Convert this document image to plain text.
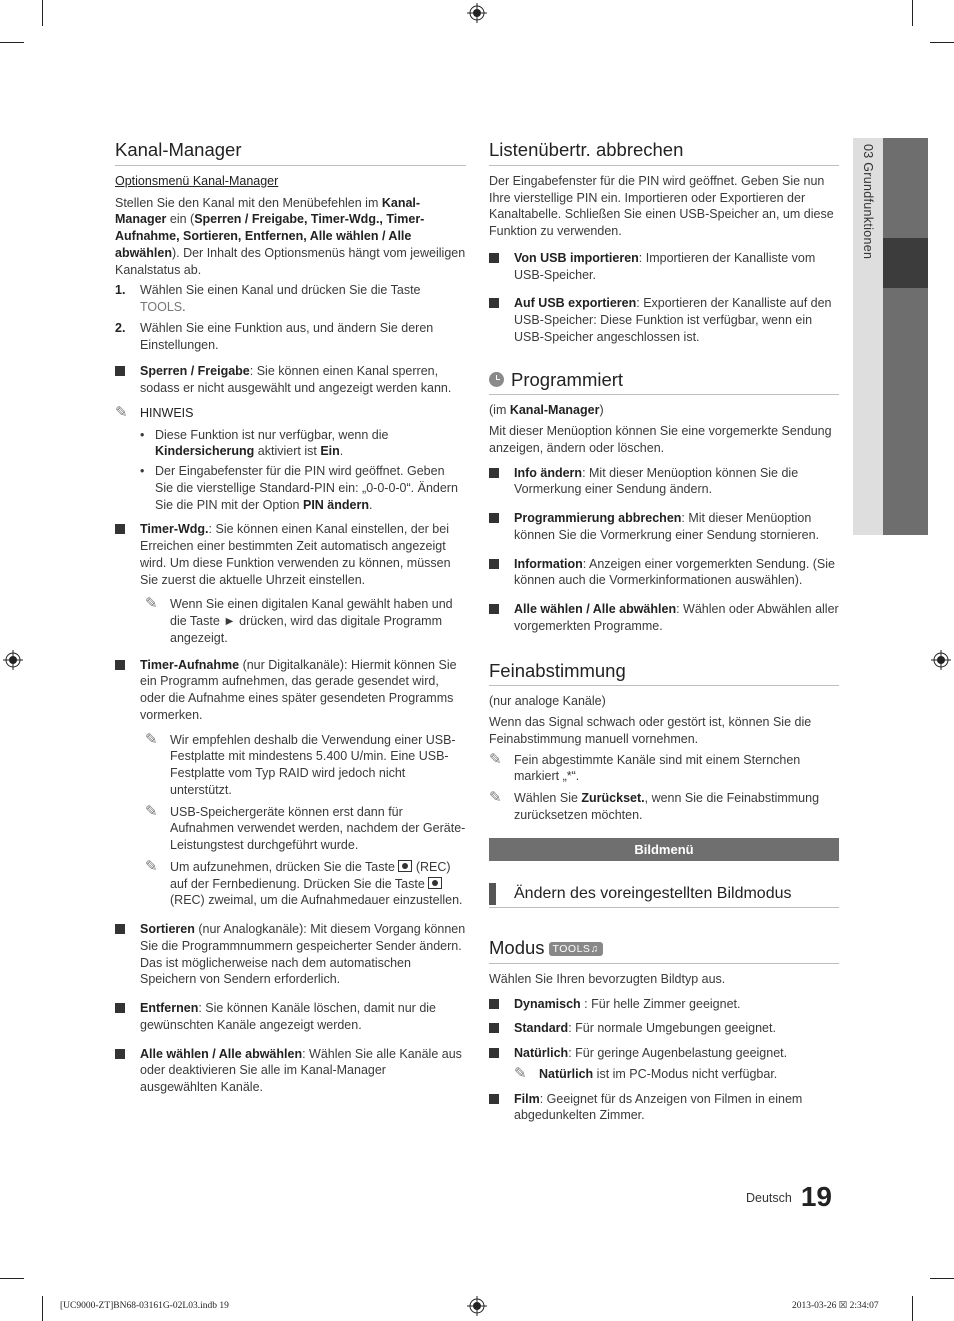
03 Grundfunktionen
Kanal-Manager

Optionsmenü Kanal-Manager

Stellen Sie den Kanal mit den Menübefehlen im Kanal-Manager ein (Sperren / Freigabe, Timer-Wdg., Timer-Aufnahme, Sortieren, Entfernen, Alle wählen / Alle abwählen). Der Inhalt des Optionsmenüs hängt vom jeweiligen Kanalstatus ab.

1.	Wählen Sie einen Kanal und drücken Sie die Taste TOOLS.
2.	Wählen Sie eine Funktion aus, und ändern Sie deren Einstellungen.
Sperren / Freigabe: Sie können einen Kanal sperren, sodass er nicht ausgewählt und angezeigt werden kann.
✎ HINWEIS
• Diese Funktion ist nur verfügbar, wenn die Kindersicherung aktiviert ist Ein.
• Der Eingabefenster für die PIN wird geöffnet. Geben Sie die vierstellige Standard-PIN ein: „0-0-0-0“. Ändern Sie die PIN mit der Option PIN ändern.
Timer-Wdg.: Sie können einen Kanal einstellen, der bei Erreichen einer bestimmten Zeit automatisch angezeigt wird. Um diese Funktion verwenden zu können, müssen Sie zuerst die aktuelle Uhrzeit einstellen.
✎ Wenn Sie einen digitalen Kanal gewählt haben und die Taste ► drücken, wird das digitale Programm angezeigt.
Timer-Aufnahme (nur Digitalkanäle): Hiermit können Sie ein Programm aufnehmen, das gerade gesendet wird, oder die Aufnahme eines später gesendeten Programms vormerken.
✎ Wir empfehlen deshalb die Verwendung einer USB-Festplatte mit mindestens 5.400 U/min. Eine USB-Festplatte vom Typ RAID wird jedoch nicht unterstützt.
✎ USB-Speichergeräte können erst dann für Aufnahmen verwendet werden, nachdem der Geräte-Leistungstest durchgeführt wurde.
✎ Um aufzunehmen, drücken Sie die Taste
(REC) auf der Fernbedienung. Drücken Sie die Taste
(REC) zweimal, um die Aufnahmedauer einzustellen.
Sortieren (nur Analogkanäle): Mit diesem Vorgang können Sie die Programmnummern gespeicherter Sender ändern. Das ist möglicherweise nach dem automatischen Speichern von Sendern erforderlich.
Entfernen: Sie können Kanäle löschen, damit nur die gewünschten Kanäle angezeigt werden.
Alle wählen / Alle abwählen: Wählen Sie alle Kanäle aus oder deaktivieren Sie alle im Kanal-Manager ausgewählten Kanäle.
Listenübertr. abbrechen

Der Eingabefenster für die PIN wird geöffnet. Geben Sie nun Ihre vierstellige PIN ein. Importieren oder Exportieren der Kanaltabelle. Schließen Sie einen USB-Speicher an, um diese Funktion zu verwenden.

Von USB importieren: Importieren der Kanalliste vom USB-Speicher.
Auf USB exportieren: Exportieren der Kanalliste auf den USB-Speicher: Diese Funktion ist verfügbar, wenn ein USB-Speicher angeschlossen ist.
Programmiert

(im Kanal-Manager)

Mit dieser Menüoption können Sie eine vorgemerkte Sendung anzeigen, ändern oder löschen.

Info ändern: Mit dieser Menüoption können Sie die Vormerkung einer Sendung ändern.
Programmierung abbrechen: Mit dieser Menüoption können Sie die Vormerkrung einer Sendung stornieren.
Information: Anzeigen einer vorgemerkten Sendung. (Sie können auch die Vormerkinformationen auswählen).
Alle wählen / Alle abwählen: Wählen oder Abwählen aller vorgemerkten Programme.
Feinabstimmung

(nur analoge Kanäle)

Wenn das Signal schwach oder gestört ist, können Sie die Feinabstimmung manuell vornehmen.

✎ Fein abgestimmte Kanäle sind mit einem Sternchen markiert „*“.
✎ Wählen Sie Zurückset., wenn Sie die Feinabstimmung zurücksetzen möchten.
Bildmenü
Ändern des voreingestellten Bildmodus
Modus TOOLS♫

Wählen Sie Ihren bevorzugten Bildtyp aus.

Dynamisch : Für helle Zimmer geeignet.
Standard: Für normale Umgebungen geeignet.
Natürlich: Für geringe Augenbelastung geeignet.
✎ Natürlich ist im PC-Modus nicht verfügbar.
Film: Geeignet für ds Anzeigen von Filmen in einem abgedunkelten Zimmer.
Deutsch 19
[UC9000-ZT]BN68-03161G-02L03.indb 19	2013-03-26 ☒ 2:34:07
